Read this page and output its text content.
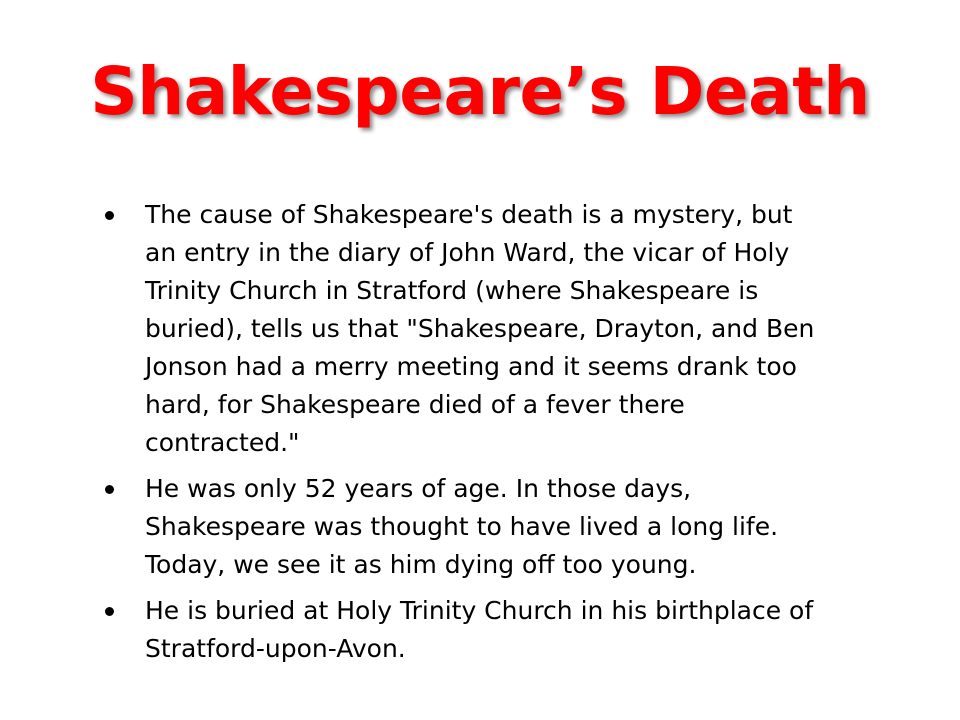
Shakespeare’s Death
The cause of Shakespeare's death is a mystery, but an entry in the diary of John Ward, the vicar of Holy Trinity Church in Stratford (where Shakespeare is buried), tells us that "Shakespeare, Drayton, and Ben Jonson had a merry meeting and it seems drank too hard, for Shakespeare died of a fever there contracted."
He was only 52 years of age. In those days, Shakespeare was thought to have lived a long life. Today, we see it as him dying off too young.
He is buried at Holy Trinity Church in his birthplace of Stratford-upon-Avon.
